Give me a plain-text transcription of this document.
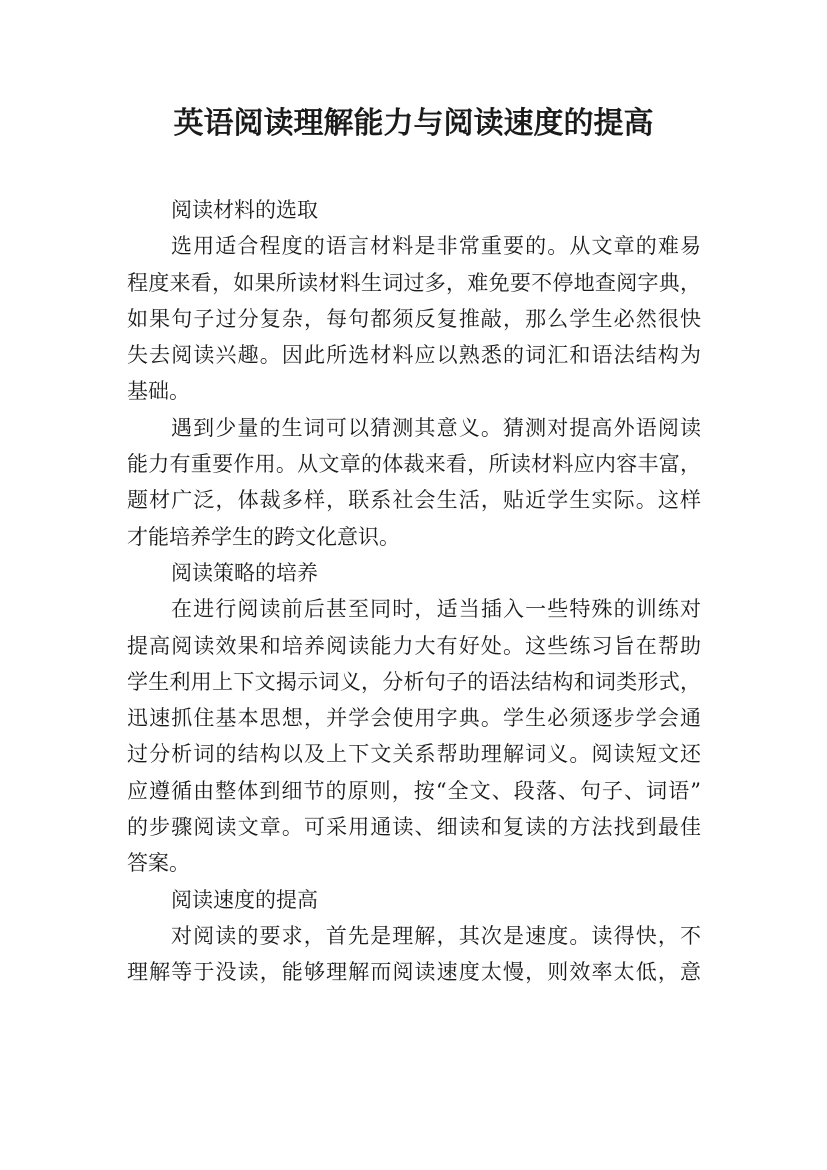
英语阅读理解能力与阅读速度的提高
阅读材料的选取
选用适合程度的语言材料是非常重要的。从文章的难易
程度来看，如果所读材料生词过多，难免要不停地查阅字典，
如果句子过分复杂，每句都须反复推敲，那么学生必然很快
失去阅读兴趣。因此所选材料应以熟悉的词汇和语法结构为
基础。
遇到少量的生词可以猜测其意义。猜测对提高外语阅读
能力有重要作用。从文章的体裁来看，所读材料应内容丰富，
题材广泛，体裁多样，联系社会生活，贴近学生实际。这样
才能培养学生的跨文化意识。
阅读策略的培养
在进行阅读前后甚至同时，适当插入一些特殊的训练对
提高阅读效果和培养阅读能力大有好处。这些练习旨在帮助
学生利用上下文揭示词义，分析句子的语法结构和词类形式，
迅速抓住基本思想，并学会使用字典。学生必须逐步学会通
过分析词的结构以及上下文关系帮助理解词义。阅读短文还
应遵循由整体到细节的原则，按“全文、段落、句子、词语”
的步骤阅读文章。可采用通读、细读和复读的方法找到最佳
答案。
阅读速度的提高
对阅读的要求，首先是理解，其次是速度。读得快，不
理解等于没读，能够理解而阅读速度太慢，则效率太低，意
